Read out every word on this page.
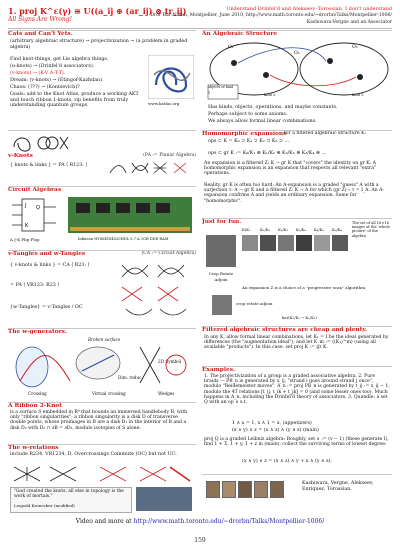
1. proj K^ε(γ) ≅ U((a_ij ⊕ (ar_ij) ⊗ tr_ij)
All Signs Are Wrong!
Understand Drinfel'd and Alekseev–Torossian, I don't understand
Dror Bar-Natan, Montpellier, June 2010, http://www.math.toronto.edu/~drorbn/Talks/Montpellier-1006/
Kashiwara-Vergne and an Associator
Cats and Can't Yets.
(arbitrary algebraic structure) → projectivization → (a problem in graded algebra)
Find knot-things, get Lie algebra things.
(u-knots) → (Drinfel'd associators).
(v-knots) → (K-V A-T-T).
Dream: (v-knots) → (Etingof-Kazhdan).
Chaos: (???) → (Kontsevich)?
Goals: add to the Knot Atlas, produce a working AKT and touch ribbon 1-knots, rip benefits from truly understanding quantum groups.	www.katlas.org
v-Knots	(PA := Planar Algebra)
{ knots & links } = PA ⟨ R123: ⟩
Circuit Algebras
J
K
Q
A J-K Flip Flop	Infineon HYS64T64020HDL-3.7-A 1GB DDR RAM
v-Tangles and w-Tangles	(CA := Circuit Algebra)
{ v-knots & links } = CA ⟨ R23: ⟩
= PA ⟨ VR123: R23 ⟩
{w-Tangles} = v-Tangles / OC
The w-generators.
Broken surface
2D Symbol
Dim. reduc.
Crossing	Virtual crossing	Wedges
A Ribbon 2-Knot
is a surface S embedded in R⁴ that bounds an immersed handlebody B, with only "ribbon singularities"; a ribbon singularity is a disk D of transverse double points, whose preimages in B are a disk D₁ in the interior of B and a disk D₂ with D₂ ∩ ∂B = ∂D₂, modulo isotopies of S alone.
The w-relations
include R234, VR1234, D, Overcrossings Commute (OC) but not UC:
"God created the knots, all else in topology is the work of mortals."
Leopold Kronecker (modified)
An Algebraic Structure
O₁
O₂
O₃
objects of kind 1
kind 2	kind 3
Has kinds, objects, operations, and maybe constants.
Perhaps subject to some axioms.
We always allow formal linear combinations.
Homomorphic expansions
for a filtered algebraic structure K:
ops ⊂ K = K₀ ⊃ K₁ ⊃ K₂ ⊃ K₃ ⊃ …
ops ⊂ gr K := K₀/K₁ ⊕ K₁/K₂ ⊕ K₂/K₃ ⊕ K₃/K₄ ⊕ …
An expansion is a filtered Z: K → gr K that "covers" the identity on gr K. A homomorphic expansion is an expansion that respects all relevant "extra" operations.
Reality. gr K is often too hard. An A-expansion is a graded "guess" A with a surjection τ: A → gr K and a filtered Z: K → A for which (gr Z) ∘ τ = I_A. An A-expansion confirms A and yields an ordinary expansion. Same for "homomorphic".
Just for fun.	The set of all 16×16 images of the ‘whole picture’ of the algebra
K/K₁	K₁/K₂ K₂/K₃ K₃/K₄ K₄/K₅ K₅/K₆
Crop Rotate Adjoin
An expansion Z is a choice of a "progressive scan" algorithm.
crop rotate adjoin
ker(K₁/K₂ → K₀/K₁)
Filtered algebraic structures are cheap and plenty.
In any K, allow formal linear combinations, let K₁ = I be the ideal generated by differences (the "augmentation ideal"), and let K_m := ⟨(K₁)^m⟩ (using all available "products"). In this case, set proj K := gr K.
Examples.
1. The projectivization of a group is a graded associative algebra. 2. Pure braids — PB_n is generated by x_ij, "strand i goes around strand j once", modulo "Reidemeister moves". A_n := proj PB_n is generated by t_ij := x_ij − 1, modulo the 4T relations [t_ij, t_ik + t_jk] = 0 (and some lesser ones too). Much happens in A_n, including the Drinfel'd theory of associators. 3. Quandle: a set Q with an op ∧ s.t.
1 ∧ x = 1, x ∧ 1 = x, (appetizers)
(x ∧ y) ∧ z = (x ∧ z) ∧ (y ∧ z) (main)
proj Q is a graded Leibniz algebra: Roughly, set ∨ := (v − 1) (these generate I), find 1 + Σ, 1 + y, 1 + z in (main), collect the surviving terms of lowest degree:
(x ∧ y) ∧ z = (x ∧ z) ∧ y + x ∧ (y ∧ z).
Kashiwara, Vergne, Alekseev, Enriquez, Torossian.
Video and more at http://www.math.toronto.edu/~drorbn/Talks/Montpellier-1006/
159
